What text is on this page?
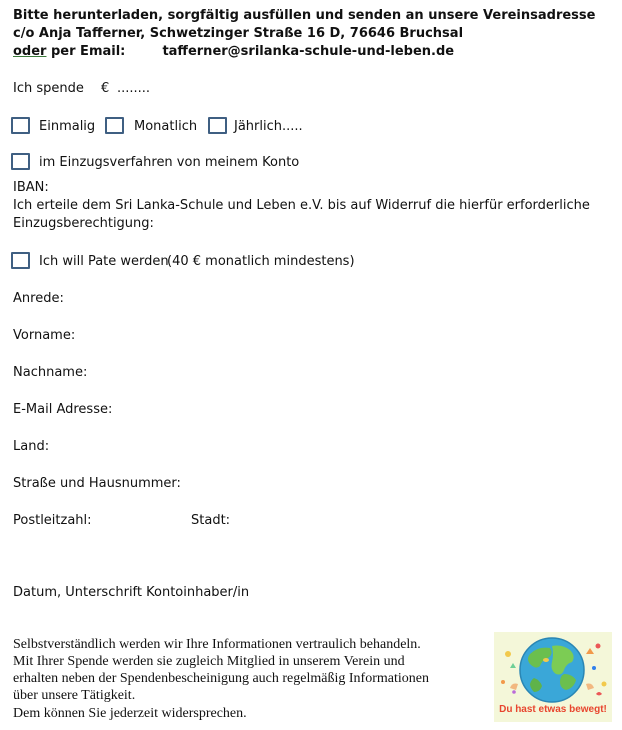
Bitte herunterladen, sorgfältig ausfüllen und senden an unsere Vereinsadresse
c/o Anja Tafferner, Schwetzinger Straße 16 D, 76646 Bruchsal
oder per Email:	tafferner@srilanka-schule-und-leben.de
Ich spende € ........
Einmalig	Monatlich	Jährlich.....
im Einzugsverfahren von meinem Konto
IBAN:
Ich erteile dem Sri Lanka-Schule und Leben e.V. bis auf Widerruf die hierfür erforderliche
Einzugsberechtigung:
Ich will Pate werden
(40 € monatlich mindestens)
Anrede:
Vorname:
Nachname:
E-Mail Adresse:
Land:
Straße und Hausnummer:
Postleitzahl:	Stadt:
Datum, Unterschrift Kontoinhaber/in
Selbstverständlich werden wir Ihre Informationen vertraulich behandeln.
Mit Ihrer Spende werden sie zugleich Mitglied in unserem Verein und
erhalten neben der Spendenbescheinigung auch regelmäßig Informationen
über unsere Tätigkeit.
Dem können Sie jederzeit widersprechen.	Du hast etwas bewegt!
